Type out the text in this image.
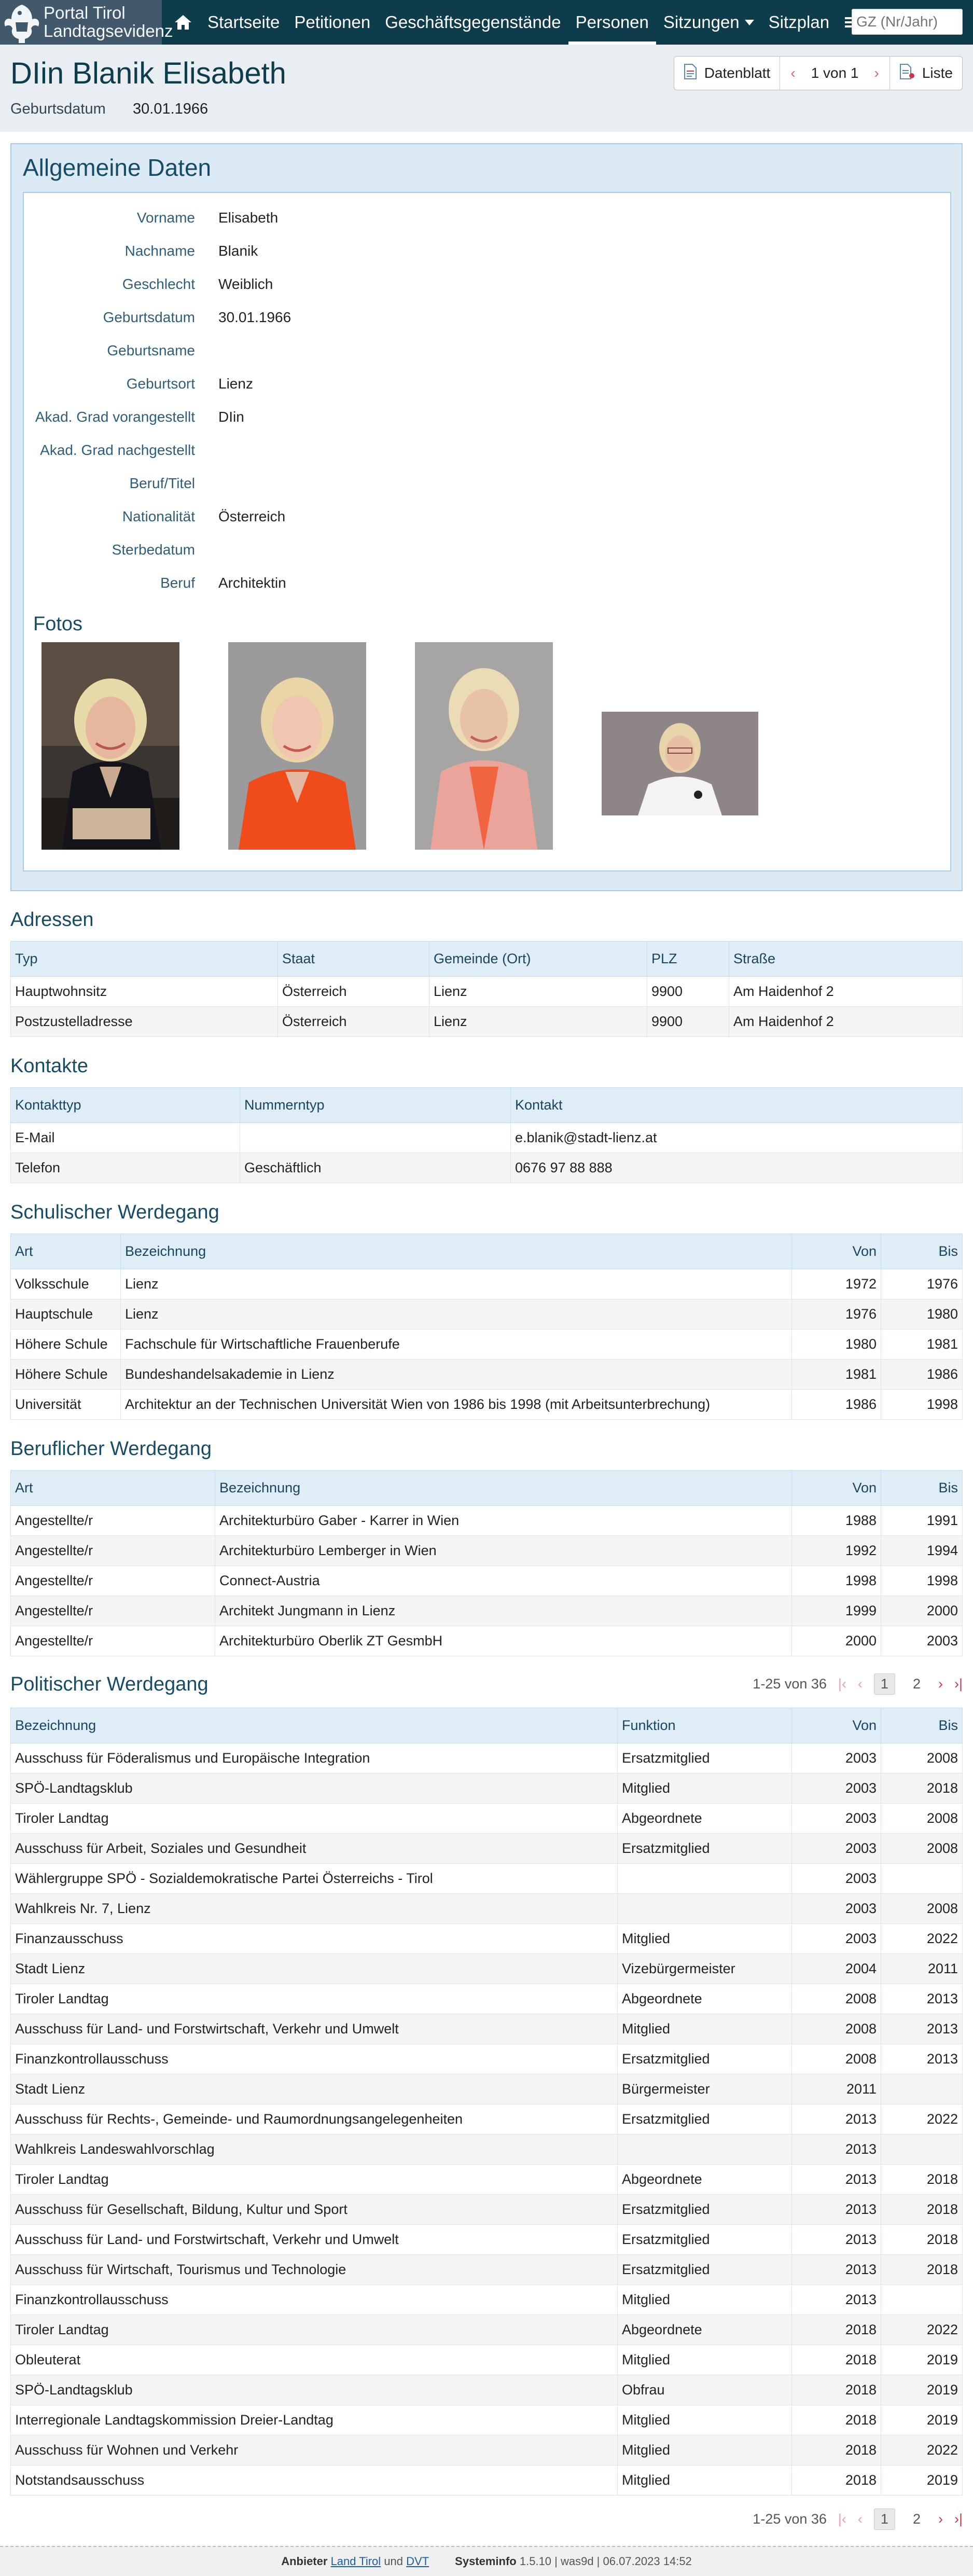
Portal Tirol
Landtagsevidenz	Startseite Petitionen Geschäftsgegenstände Personen Sitzungen	Sitzplan
GZ (Nr/Jahr)
DIin Blanik Elisabeth
Geburtsdatum	30.01.1966
Datenblatt ‹ 1 von 1 ›	Liste
Allgemeine Daten
Vorname Elisabeth
Nachname Blanik
Geschlecht Weiblich
Geburtsdatum 30.01.1966
Geburtsname
Geburtsort Lienz
Akad. Grad vorangestellt DIin
Akad. Grad nachgestellt
Beruf/Titel
Nationalität Österreich
Sterbedatum
Beruf Architektin
Fotos
Adressen
Typ	Staat	Gemeinde (Ort)	PLZ	Straße
Hauptwohnsitz	Österreich	Lienz	9900	Am Haidenhof 2
Postzustelladresse	Österreich	Lienz	9900	Am Haidenhof 2
Kontakte
Kontakttyp	Nummerntyp	Kontakt
E-Mail		e.blanik@stadt-lienz.at
Telefon	Geschäftlich	0676 97 88 888
Schulischer Werdegang
Art	Bezeichnung	Von	Bis
Volksschule	Lienz	1972	1976
Hauptschule	Lienz	1976	1980
Höhere Schule	Fachschule für Wirtschaftliche Frauenberufe	1980	1981
Höhere Schule	Bundeshandelsakademie in Lienz	1981	1986
Universität	Architektur an der Technischen Universität Wien von 1986 bis 1998 (mit Arbeitsunterbrechung)	1986	1998
Beruflicher Werdegang
Art	Bezeichnung	Von	Bis
Angestellte/r	Architekturbüro Gaber - Karrer in Wien	1988	1991
Angestellte/r	Architekturbüro Lemberger in Wien	1992	1994
Angestellte/r	Connect-Austria	1998	1998
Angestellte/r	Architekt Jungmann in Lienz	1999	2000
Angestellte/r	Architekturbüro Oberlik ZT GesmbH	2000	2003
Politischer Werdegang	1-25 von 36 |‹ ‹	1	2	› ›|
Bezeichnung	Funktion	Von	Bis
Ausschuss für Föderalismus und Europäische Integration	Ersatzmitglied	2003	2008
SPÖ-Landtagsklub	Mitglied	2003	2018
Tiroler Landtag	Abgeordnete	2003	2008
Ausschuss für Arbeit, Soziales und Gesundheit	Ersatzmitglied	2003	2008
Wählergruppe SPÖ - Sozialdemokratische Partei Österreichs - Tirol		2003	
Wahlkreis Nr. 7, Lienz		2003	2008
Finanzausschuss	Mitglied	2003	2022
Stadt Lienz	Vizebürgermeister	2004	2011
Tiroler Landtag	Abgeordnete	2008	2013
Ausschuss für Land- und Forstwirtschaft, Verkehr und Umwelt	Mitglied	2008	2013
Finanzkontrollausschuss	Ersatzmitglied	2008	2013
Stadt Lienz	Bürgermeister	2011	
Ausschuss für Rechts-, Gemeinde- und Raumordnungsangelegenheiten	Ersatzmitglied	2013	2022
Wahlkreis Landeswahlvorschlag		2013	
Tiroler Landtag	Abgeordnete	2013	2018
Ausschuss für Gesellschaft, Bildung, Kultur und Sport	Ersatzmitglied	2013	2018
Ausschuss für Land- und Forstwirtschaft, Verkehr und Umwelt	Ersatzmitglied	2013	2018
Ausschuss für Wirtschaft, Tourismus und Technologie	Ersatzmitglied	2013	2018
Finanzkontrollausschuss	Mitglied	2013	
Tiroler Landtag	Abgeordnete	2018	2022
Obleuterat	Mitglied	2018	2019
SPÖ-Landtagsklub	Obfrau	2018	2019
Interregionale Landtagskommission Dreier-Landtag	Mitglied	2018	2019
Ausschuss für Wohnen und Verkehr	Mitglied	2018	2022
Notstandsausschuss	Mitglied	2018	2019
1-25 von 36 |‹ ‹	1	2	› ›|
Anbieter Land Tirol und DVT Systeminfo 1.5.10 | was9d | 06.07.2023 14:52
